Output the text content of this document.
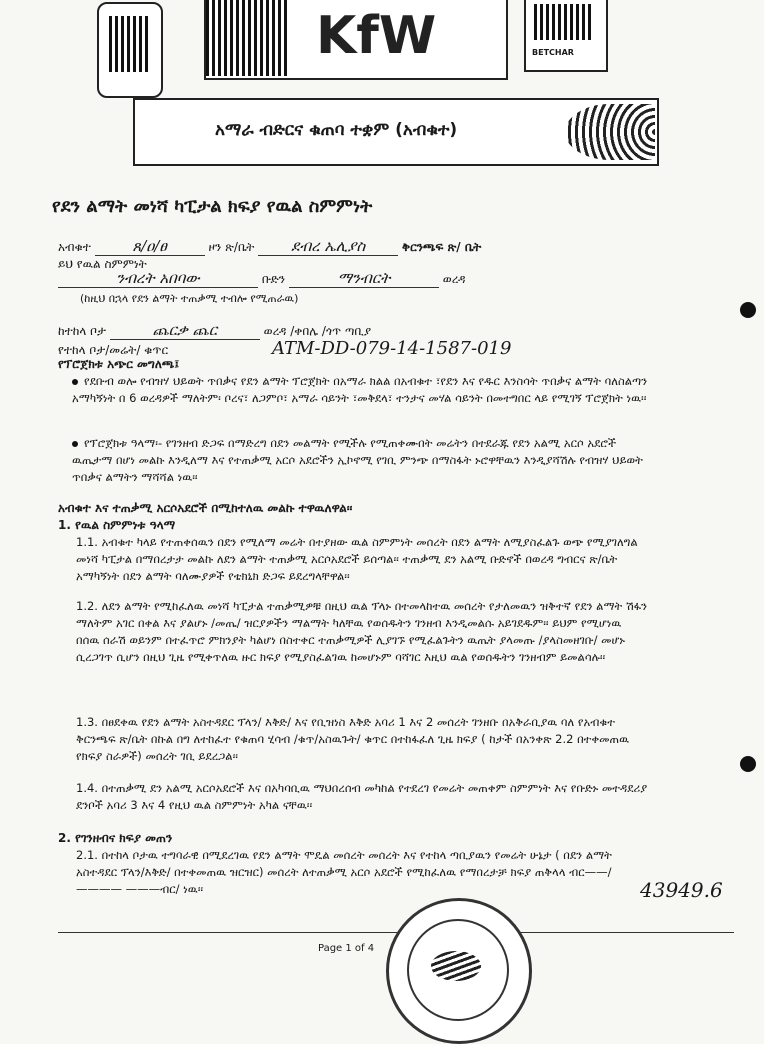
KfW	BETCHAR
አማራ ብድርና ቁጠባ ተቋም (አብቁተ)
የደን ልማት መነሻ ካፒታል ክፍያ የዉል ስምምነት
አብቁተ	ጸ/ዐ/ፀ	ዞን ጽ/ቤት ደብረ ኤሊያስ	ቅርንጫፍ ጽ/ ቤት
ይህ የዉል ስምምነት
ንብረት አበባው	ቡድን	ማንብርት	ወረዳ
(ከዚህ በኋላ የደን ልማት ተጠቃሚ ተብሎ የሚጠራዉ)
ከተከላ ቦታ	ጨርቃ ጨር	ወረዳ /ቀበሌ /ጎጥ ጣቢያ
የተከላ ቦታ/መሬት/ ቁጥር	ATM-DD-079-14-1587-019
የፕሮጀክቱ አጭር መግለጫ፤
የደቡብ ወሎ የብዝሃ ህይወት ጥበቃና የደን ልማት ፕሮጀክት በአማራ ክልል በአብቁተ ፣የደን እና የዱር እንስሳት ጥበቃና ልማት ባለስልጣን አማካኝነት በ 6 ወረዳዎች ማለትም፡ ቦረና፣ ለጋምቦ፣ አማራ ሳይንት ፣መቅደላ፣ ተንታና መሃል ሳይንት በመተግበር ላይ የሚገኝ ፕሮጀክት ነዉ፡፡
የፕሮጀክቱ ዓላማ፡- የገንዘብ ድጋፍ በማድረግ በደን መልማት የሚችሉ የሚጠቀሙበት መሬትን በተደራጁ የደን አልሚ አርሶ አደሮች ዉጤታማ በሆነ መልኩ እንዲለማ እና የተጠቃሚ አርሶ አደሮችን ኢኮኖሚ የገቢ ምንጭ በማስፋት ኑሮዋቸዉን እንዲያሻሽሉ የብዝሃ ህይወት ጥበቃና ልማትን ማሻሻል ነዉ፡፡
አብቁተ እና ተጠቃሚ አርሶአደሮች በሚከተለዉ መልኩ ተዋዉለዋል፡፡
1. የዉል ስምምነቱ ዓላማ
1.1. አብቁተ ካላይ የተጠቀሰዉን በደን የሚለማ መሬት በተያዘው ዉል ስምምነት መሰረት በደን ልማት ለሚያስፈልጉ ወጭ የሚያገለግል መነሻ ካፒታል በማበረታታ መልኩ ለደን ልማት ተጠቃሚ አርሶአደሮች ይሰጣል፡፡ ተጠቃሚ ደን አልሚ ቡድኖች በወረዳ ግብርና ጽ/ቤት አማካኝነት በደን ልማት ባለሙያዎች የቴክኒክ ድጋፍ ይደረግላቸዋል፡፡
1.2. ለደን ልማት የሚከፈለዉ መነሻ ካፒታል ተጠቃሚዎቹ በዚህ ዉል ፕላኑ በተመላከተዉ መሰረት የታለመዉን ዝቅተኛ የደን ልማት ሽፋን ማለትም አገር በቀል እና ያልሆኑ /መጤ/ ዝርያዎችን ማልማት ካለቸዉ የወሰዱትን ገንዘብ እንዲመልሱ አይገደዱም፡፡ ይህም የሚሆነዉ በሰዉ ሰራሽ ወይንም በተፈጥሮ ምክንያት ካልሆነ በስተቀር ተጠቃሚዎች ሊያገኙ የሚፈልጉትን ዉጤት ያላመጡ /ያላስመዘገቡ/ መሆኑ ሲረጋገጥ ሲሆን በዚህ ጊዜ የሚቀጥለዉ ዙር ክፍያ የሚያስፈልገዉ ከመሆኑም ባሻገር እዚህ ዉል የወሰዱትን ገንዘብም ይመልሳሉ፡፡
1.3. በፀደቀዉ የደን ልማት አስተዳደር ፕላን/ እቅድ/ እና የቢዝነስ እቅድ አባሪ 1 እና 2 መሰረት ገንዘቡ በአቅራቢያዉ ባለ የአብቁተ ቅርንጫፍ ጽ/ቤት በኩል በግ ለተከፈተ የቁጠባ ሂሳብ /ቁጥ/አስዉጉት/ ቁጥር በተከፋፈለ ጊዜ ክፍያ ( ከታች በአንቀጽ 2.2 በተቀመጠዉ የክፍያ ስራዎች) መሰረት ገቢ ይደረጋል፡፡
1.4. በተጠቃሚ ደን አልሚ አርሶአደሮች እና በአካባቢዉ ማህበረሰብ መካከል የተደረገ የመሬት መጠቀም ስምምነት እና የቡድኑ መተዳደሪያ ደንቦች አባሪ 3 እና 4 የዚህ ዉል ስምምነት አካል ናቸዉ፡፡
2. የገንዘብና ክፍያ መጠን
2.1. በተከላ ቦታዉ ተግባራዊ በሚደረገዉ የደን ልማት ሞዴል መሰረት መሰረት እና የተከላ ጣቢያዉን የመሬት ሁኔታ ( በደን ልማት አስተዳደር ፕላን/እቅድ/ በተቀመጠዉ ዝርዝር) መሰረት ለተጠቃሚ አርሶ አደሮች የሚከፈለዉ የማበረታቻ ክፍያ ጠቅላላ ብር——/———— ———ብር/ ነዉ፡፡	43949.6
Page 1 of 4
